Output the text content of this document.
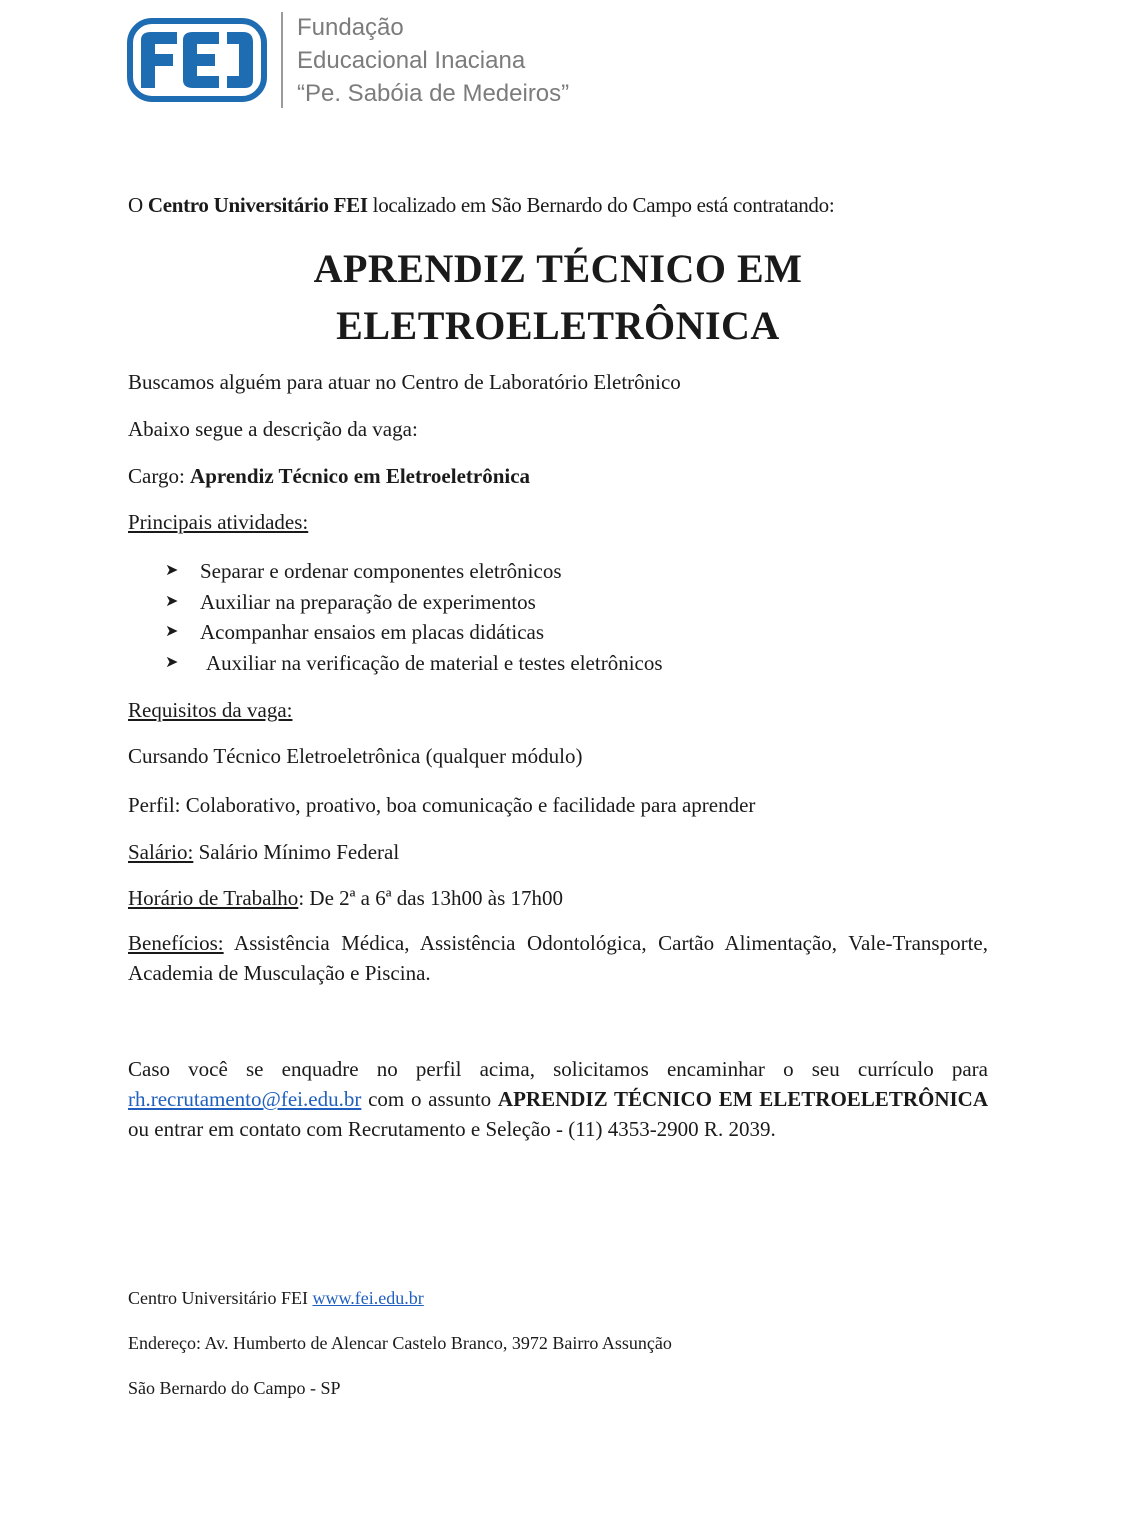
Fundação
Educacional Inaciana
“Pe. Sabóia de Medeiros”
O Centro Universitário FEI localizado em São Bernardo do Campo está contratando:
APRENDIZ TÉCNICO EM
ELETROELETRÔNICA
Buscamos alguém para atuar no Centro de Laboratório Eletrônico
Abaixo segue a descrição da vaga:
Cargo: Aprendiz Técnico em Eletroeletrônica
Principais atividades:
➤	Separar e ordenar componentes eletrônicos
➤	Auxiliar na preparação de experimentos
➤	Acompanhar ensaios em placas didáticas
➤	Auxiliar na verificação de material e testes eletrônicos
Requisitos da vaga:
Cursando Técnico Eletroeletrônica (qualquer módulo)
Perfil: Colaborativo, proativo, boa comunicação e facilidade para aprender
Salário: Salário Mínimo Federal
Horário de Trabalho: De 2ª a 6ª das 13h00 às 17h00
Benefícios: Assistência Médica, Assistência Odontológica, Cartão Alimentação, Vale-Transporte, Academia de Musculação e Piscina.
Caso você se enquadre no perfil acima, solicitamos encaminhar o seu currículo para rh.recrutamento@fei.edu.br com o assunto APRENDIZ TÉCNICO EM ELETROELETRÔNICA ou entrar em contato com Recrutamento e Seleção - (11) 4353-2900 R. 2039.
Centro Universitário FEI www.fei.edu.br
Endereço: Av. Humberto de Alencar Castelo Branco, 3972 Bairro Assunção
São Bernardo do Campo - SP
